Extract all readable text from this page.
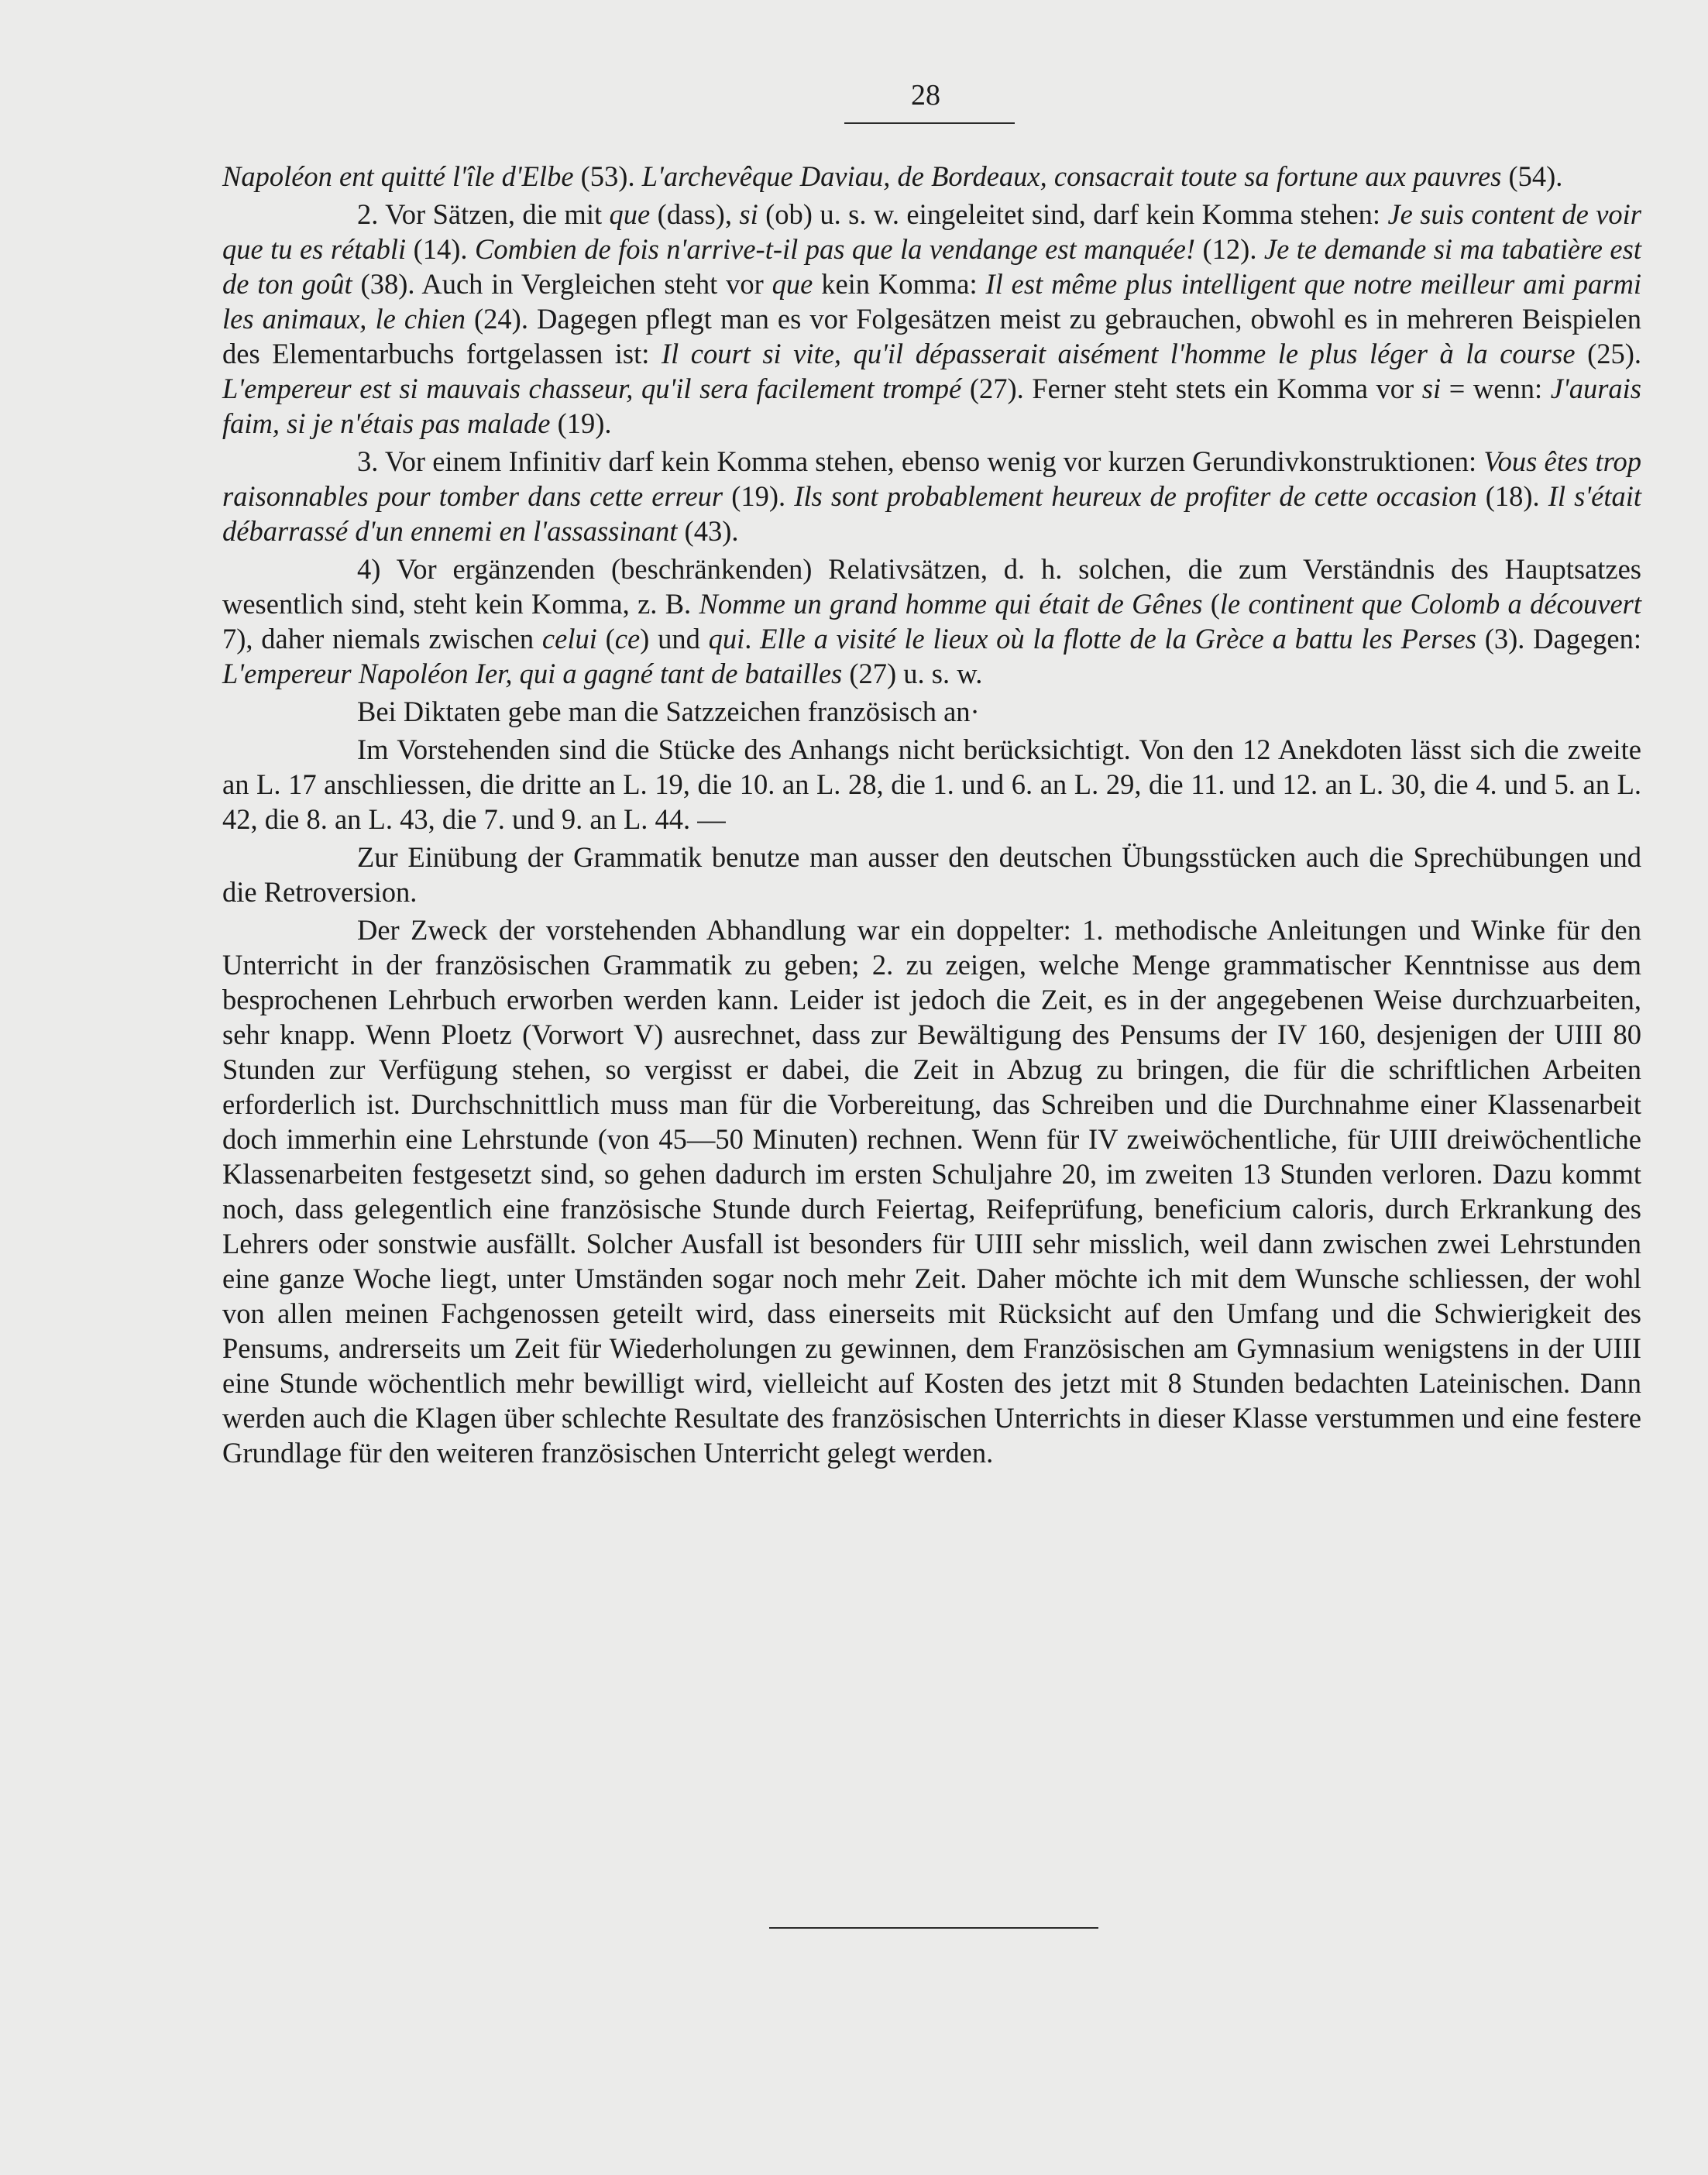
28

Napoléon ent quitté l'île d'Elbe (53). L'archevêque Daviau, de Bordeaux, consacrait toute sa fortune aux pauvres (54).

2. Vor Sätzen, die mit que (dass), si (ob) u. s. w. eingeleitet sind, darf kein Komma stehen: Je suis content de voir que tu es rétabli (14). Combien de fois n'arrive-t-il pas que la vendange est manquée! (12). Je te demande si ma tabatière est de ton goût (38). Auch in Vergleichen steht vor que kein Komma: Il est même plus intelligent que notre meilleur ami parmi les animaux, le chien (24). Dagegen pflegt man es vor Folgesätzen meist zu gebrauchen, obwohl es in mehreren Beispielen des Elementarbuchs fortgelassen ist: Il court si vite, qu'il dépasserait aisément l'homme le plus léger à la course (25). L'empereur est si mauvais chasseur, qu'il sera facilement trompé (27). Ferner steht stets ein Komma vor si = wenn: J'aurais faim, si je n'étais pas malade (19).

3. Vor einem Infinitiv darf kein Komma stehen, ebenso wenig vor kurzen Gerundivkonstruktionen: Vous êtes trop raisonnables pour tomber dans cette erreur (19). Ils sont probablement heureux de profiter de cette occasion (18). Il s'était débarrassé d'un ennemi en l'assassinant (43).

4) Vor ergänzenden (beschränkenden) Relativsätzen, d. h. solchen, die zum Verständnis des Hauptsatzes wesentlich sind, steht kein Komma, z. B. Nomme un grand homme qui était de Gênes (le continent que Colomb a découvert 7), daher niemals zwischen celui (ce) und qui. Elle a visité le lieux où la flotte de la Grèce a battu les Perses (3). Dagegen: L'empereur Napoléon Ier, qui a gagné tant de batailles (27) u. s. w.

Bei Diktaten gebe man die Satzzeichen französisch an·

Im Vorstehenden sind die Stücke des Anhangs nicht berücksichtigt. Von den 12 Anekdoten lässt sich die zweite an L. 17 anschliessen, die dritte an L. 19, die 10. an L. 28, die 1. und 6. an L. 29, die 11. und 12. an L. 30, die 4. und 5. an L. 42, die 8. an L. 43, die 7. und 9. an L. 44. —

Zur Einübung der Grammatik benutze man ausser den deutschen Übungsstücken auch die Sprechübungen und die Retroversion.

Der Zweck der vorstehenden Abhandlung war ein doppelter: 1. methodische Anleitungen und Winke für den Unterricht in der französischen Grammatik zu geben; 2. zu zeigen, welche Menge grammatischer Kenntnisse aus dem besprochenen Lehrbuch erworben werden kann. Leider ist jedoch die Zeit, es in der angegebenen Weise durchzuarbeiten, sehr knapp. Wenn Ploetz (Vorwort V) ausrechnet, dass zur Bewältigung des Pensums der IV 160, desjenigen der UIII 80 Stunden zur Verfügung stehen, so vergisst er dabei, die Zeit in Abzug zu bringen, die für die schriftlichen Arbeiten erforderlich ist. Durchschnittlich muss man für die Vorbereitung, das Schreiben und die Durchnahme einer Klassenarbeit doch immerhin eine Lehrstunde (von 45—50 Minuten) rechnen. Wenn für IV zweiwöchentliche, für UIII dreiwöchentliche Klassenarbeiten festgesetzt sind, so gehen dadurch im ersten Schuljahre 20, im zweiten 13 Stunden verloren. Dazu kommt noch, dass gelegentlich eine französische Stunde durch Feiertag, Reifeprüfung, beneficium caloris, durch Erkrankung des Lehrers oder sonstwie ausfällt. Solcher Ausfall ist besonders für UIII sehr misslich, weil dann zwischen zwei Lehrstunden eine ganze Woche liegt, unter Umständen sogar noch mehr Zeit. Daher möchte ich mit dem Wunsche schliessen, der wohl von allen meinen Fachgenossen geteilt wird, dass einerseits mit Rücksicht auf den Umfang und die Schwierigkeit des Pensums, andrerseits um Zeit für Wiederholungen zu gewinnen, dem Französischen am Gymnasium wenigstens in der UIII eine Stunde wöchentlich mehr bewilligt wird, vielleicht auf Kosten des jetzt mit 8 Stunden bedachten Lateinischen. Dann werden auch die Klagen über schlechte Resultate des französischen Unterrichts in dieser Klasse verstummen und eine festere Grundlage für den weiteren französischen Unterricht gelegt werden.
